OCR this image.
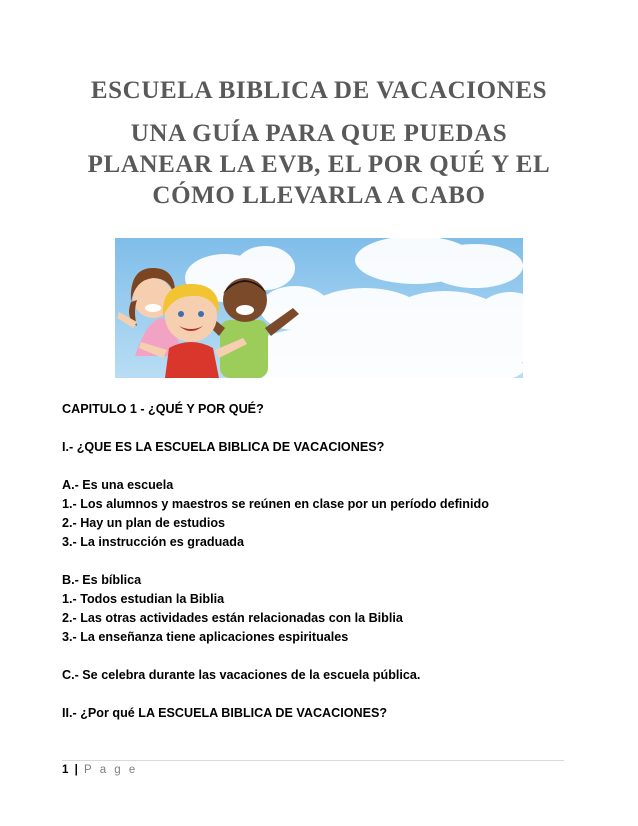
ESCUELA BIBLICA DE VACACIONES
UNA GUÍA PARA QUE PUEDAS
PLANEAR LA EVB, EL POR QUÉ Y EL
CÓMO LLEVARLA A CABO

CAPITULO 1 - ¿QUÉ Y POR QUÉ?

I.- ¿QUE ES LA ESCUELA BIBLICA DE VACACIONES?

A.- Es una escuela

1.- Los alumnos y maestros se reúnen en clase por un período definido

2.- Hay un plan de estudios

3.- La instrucción es graduada

B.- Es bíblica

1.- Todos estudian la Biblia

2.- Las otras actividades están relacionadas con la Biblia

3.- La enseñanza tiene aplicaciones espirituales

C.- Se celebra durante las vacaciones de la escuela pública.

II.- ¿Por qué LA ESCUELA BIBLICA DE VACACIONES?

1 | P a g e
